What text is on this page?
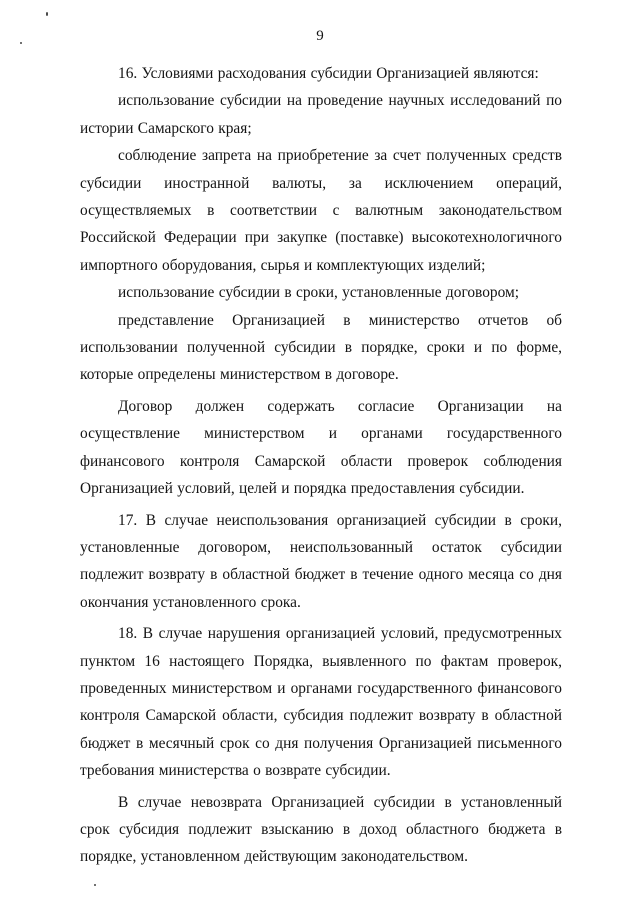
9

16. Условиями расходования субсидии Организацией являются:

использование субсидии на проведение научных исследований по истории Самарского края;

соблюдение запрета на приобретение за счет полученных средств субсидии иностранной валюты, за исключением операций, осуществляемых в соответствии с валютным законодательством Российской Федерации при закупке (поставке) высокотехнологичного импортного оборудования, сырья и комплектующих изделий;

использование субсидии в сроки, установленные договором;

представление Организацией в министерство отчетов об использовании полученной субсидии в порядке, сроки и по форме, которые определены министерством в договоре.

Договор должен содержать согласие Организации на осуществление министерством и органами государственного финансового контроля Самарской области проверок соблюдения Организацией условий, целей и порядка предоставления субсидии.

17. В случае неиспользования организацией субсидии в сроки, установленные договором, неиспользованный остаток субсидии подлежит возврату в областной бюджет в течение одного месяца со дня окончания установленного срока.

18. В случае нарушения организацией условий, предусмотренных пунктом 16 настоящего Порядка, выявленного по фактам проверок, проведенных министерством и органами государственного финансового контроля Самарской области, субсидия подлежит возврату в областной бюджет в месячный срок со дня получения Организацией письменного требования министерства о возврате субсидии.

В случае невозврата Организацией субсидии в установленный срок субсидия подлежит взысканию в доход областного бюджета в порядке, установленном действующим законодательством.
